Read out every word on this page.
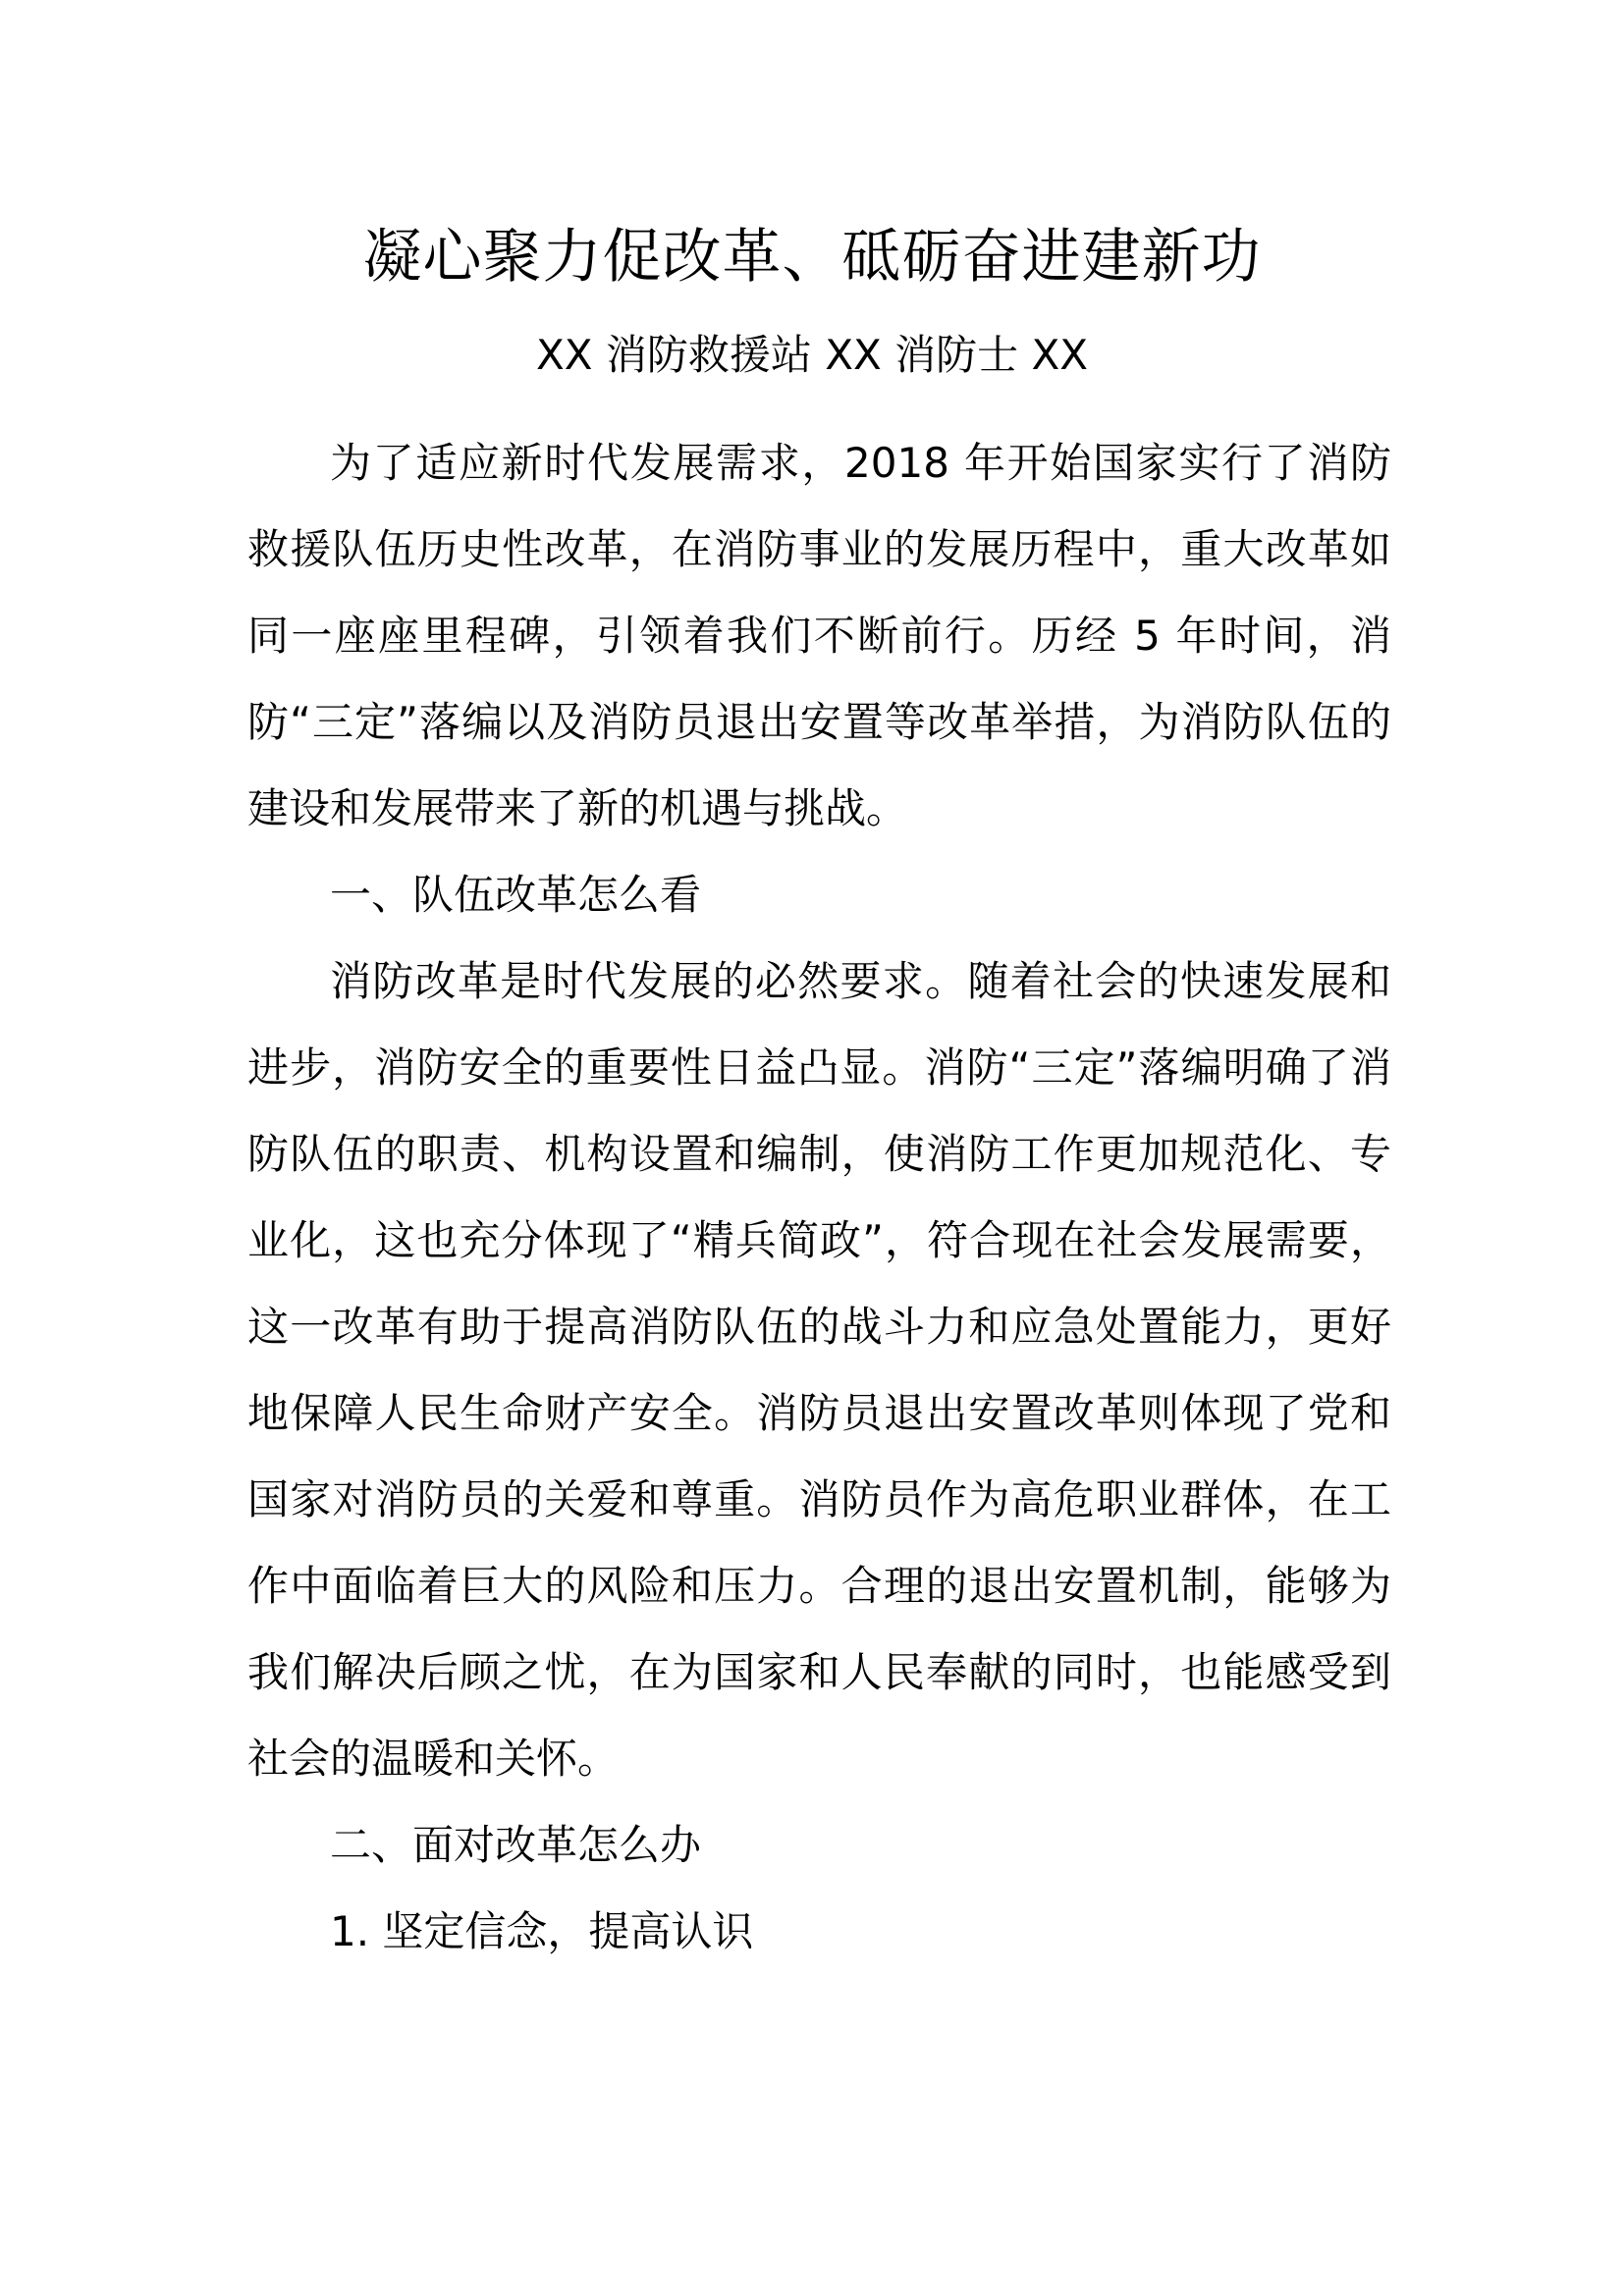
凝心聚力促改革、砥砺奋进建新功

XX 消防救援站 XX 消防士 XX

为了适应新时代发展需求，2018 年开始国家实行了消防救援队伍历史性改革，在消防事业的发展历程中，重大改革如同一座座里程碑，引领着我们不断前行。历经 5 年时间，消防“三定”落编以及消防员退出安置等改革举措，为消防队伍的建设和发展带来了新的机遇与挑战。

一、队伍改革怎么看

消防改革是时代发展的必然要求。随着社会的快速发展和进步，消防安全的重要性日益凸显。消防“三定”落编明确了消防队伍的职责、机构设置和编制，使消防工作更加规范化、专业化，这也充分体现了“精兵简政”，符合现在社会发展需要，这一改革有助于提高消防队伍的战斗力和应急处置能力，更好地保障人民生命财产安全。消防员退出安置改革则体现了党和国家对消防员的关爱和尊重。消防员作为高危职业群体，在工作中面临着巨大的风险和压力。合理的退出安置机制，能够为我们解决后顾之忧，在为国家和人民奉献的同时，也能感受到社会的温暖和关怀。

二、面对改革怎么办

1. 坚定信念，提高认识
